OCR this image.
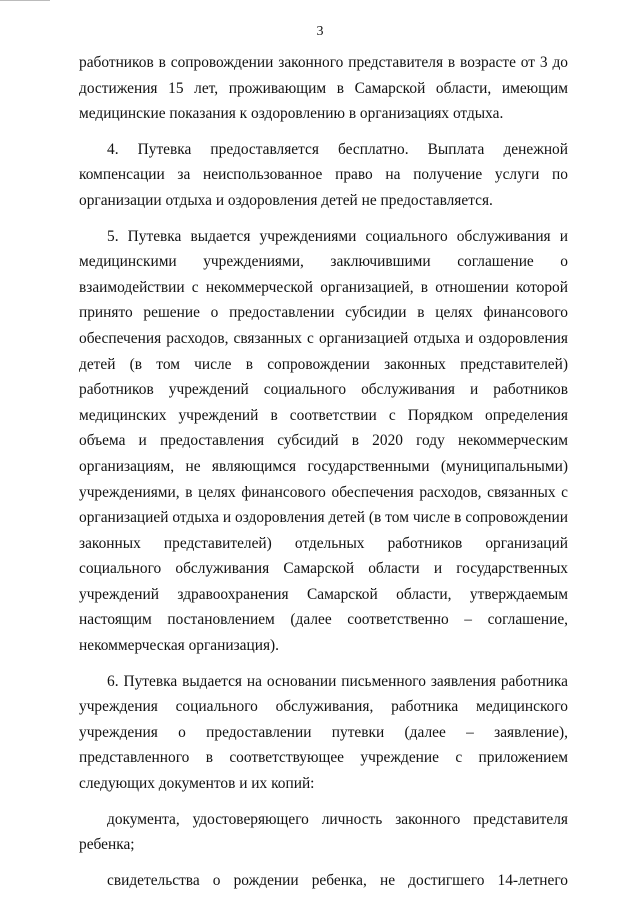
3

работников в сопровождении законного представителя в возрасте от 3 до достижения 15 лет, проживающим в Самарской области, имеющим медицинские показания к оздоровлению в организациях отдыха.

4. Путевка предоставляется бесплатно. Выплата денежной компенсации за неиспользованное право на получение услуги по организации отдыха и оздоровления детей не предоставляется.

5. Путевка выдается учреждениями социального обслуживания и медицинскими учреждениями, заключившими соглашение о взаимодействии с некоммерческой организацией, в отношении которой принято решение о предоставлении субсидии в целях финансового обеспечения расходов, связанных с организацией отдыха и оздоровления детей (в том числе в сопровождении законных представителей) работников учреждений социального обслуживания и работников медицинских учреждений в соответствии с Порядком определения объема и предоставления субсидий в 2020 году некоммерческим организациям, не являющимся государственными (муниципальными) учреждениями, в целях финансового обеспечения расходов, связанных с организацией отдыха и оздоровления детей (в том числе в сопровождении законных представителей) отдельных работников организаций социального обслуживания Самарской области и государственных учреждений здравоохранения Самарской области, утверждаемым настоящим постановлением (далее соответственно – соглашение, некоммерческая организация).

6. Путевка выдается на основании письменного заявления работника учреждения социального обслуживания, работника медицинского учреждения о предоставлении путевки (далее – заявление), представленного в соответствующее учреждение с приложением следующих документов и их копий:

документа, удостоверяющего личность законного представителя ребенка;

свидетельства о рождении ребенка, не достигшего 14-летнего
